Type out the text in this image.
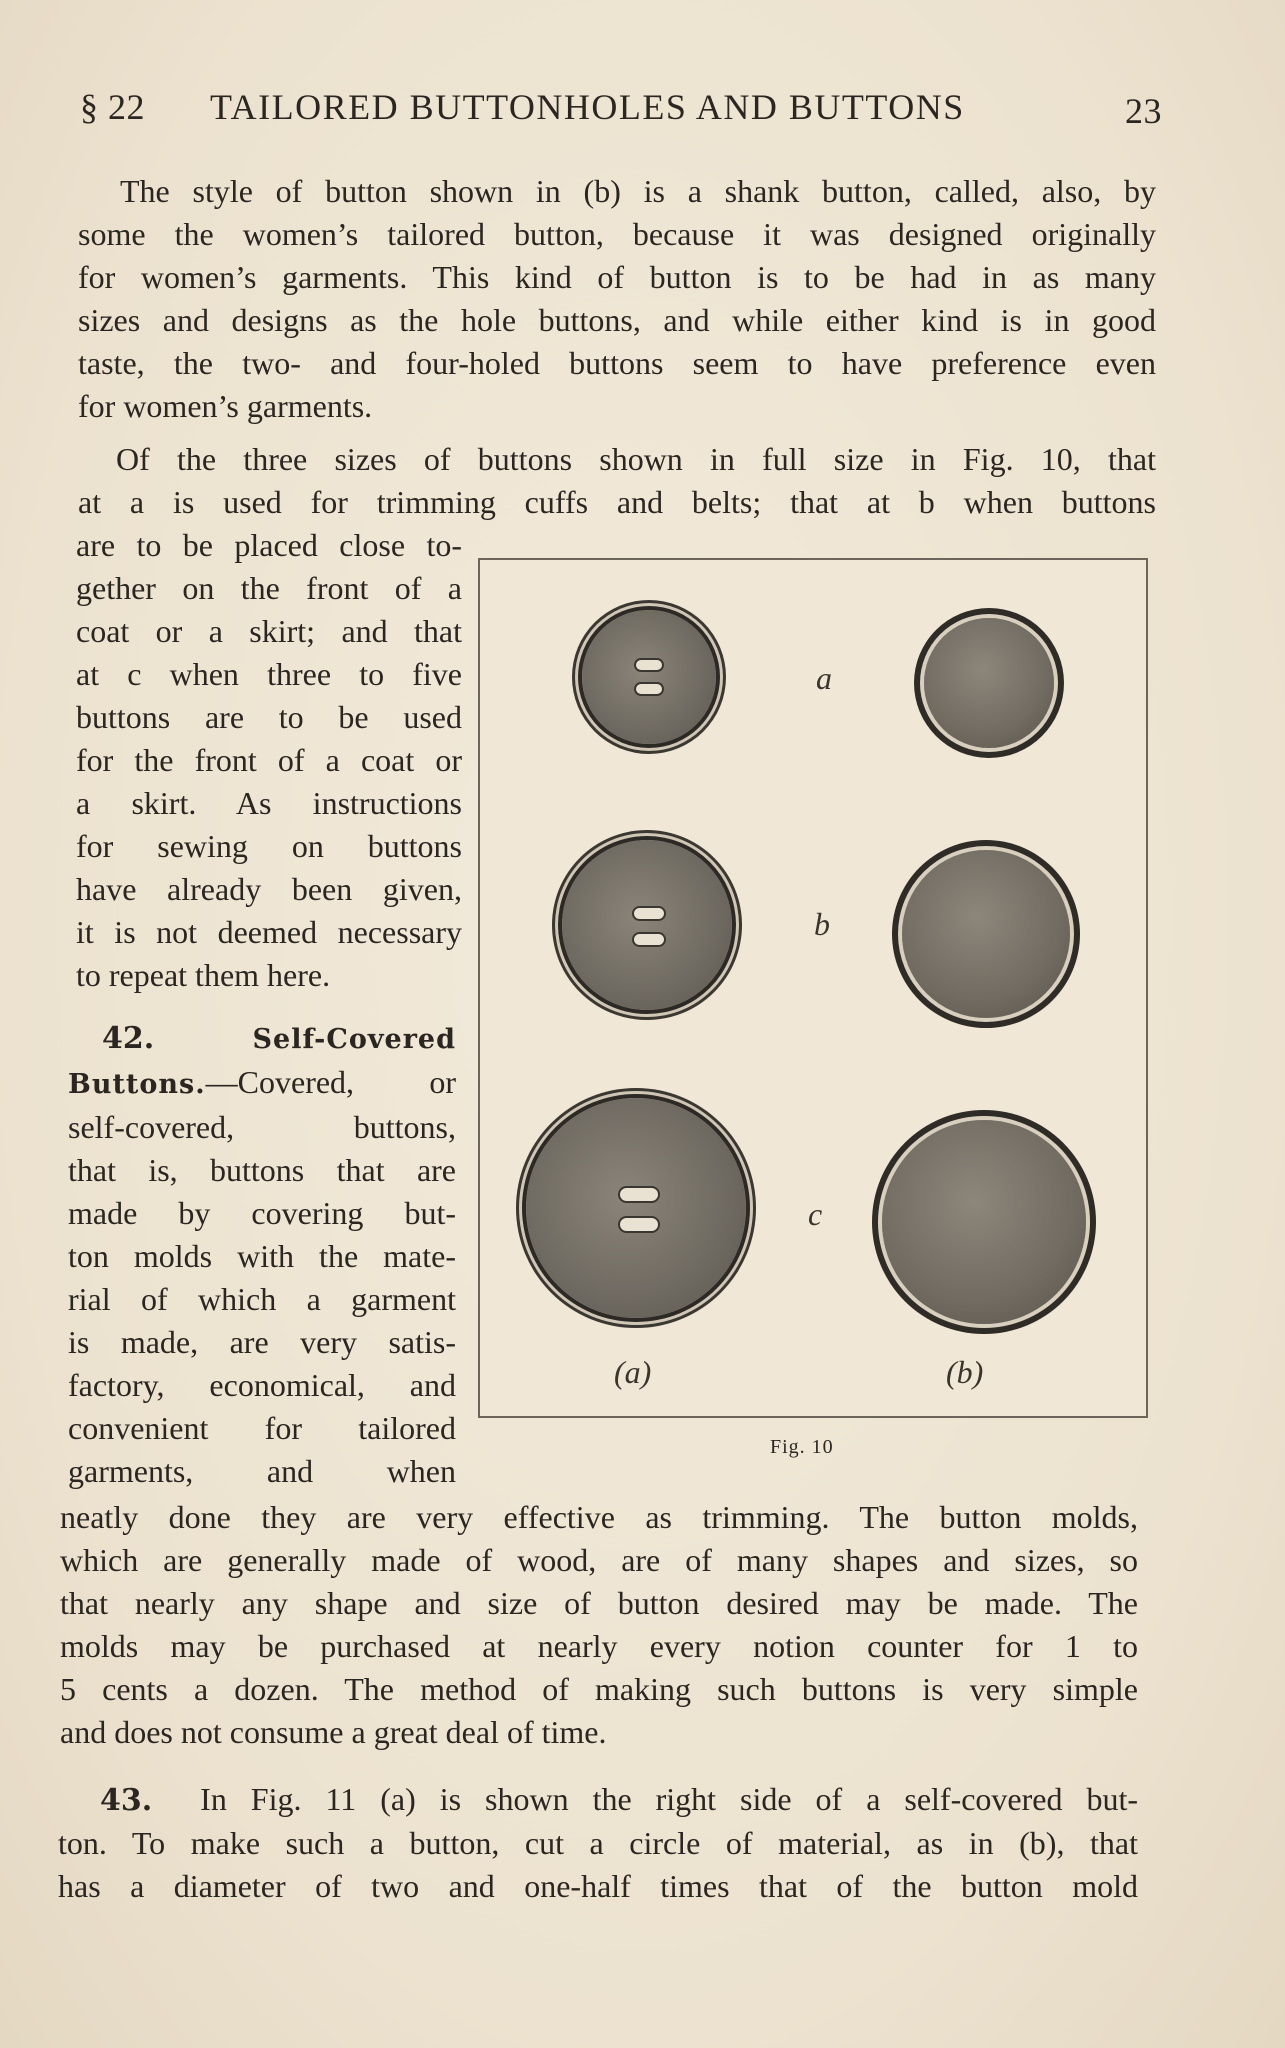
§ 22 TAILORED BUTTONHOLES AND BUTTONS	23
The style of button shown in (b) is a shank button, called, also, by
some the women’s tailored button, because it was designed originally
for women’s garments. This kind of button is to be had in as many
sizes and designs as the hole buttons, and while either kind is in good
taste, the two- and four-holed buttons seem to have preference even
for women’s garments.
Of the three sizes of buttons shown in full size in Fig. 10, that
at a is used for trimming cuffs and belts; that at b when buttons
are to be placed close to-
gether on the front of a
coat or a skirt; and that
at c when three to five
buttons are to be used
for the front of a coat or
a skirt. As instructions
for sewing on buttons
have already been given,
it is not deemed necessary
to repeat them here.
42.	Self-Covered
Buttons.—Covered, or
self-covered, buttons,
that is, buttons that are
made by covering but-
ton molds with the mate-
rial of which a garment
is made, are very satis-
factory, economical, and
convenient for tailored
garments, and when
neatly done they are very effective as trimming. The button molds,
which are generally made of wood, are of many shapes and sizes, so
that nearly any shape and size of button desired may be made. The
molds may be purchased at nearly every notion counter for 1 to
5 cents a dozen. The method of making such buttons is very simple
and does not consume a great deal of time.
43. In Fig. 11 (a) is shown the right side of a self-covered but-
ton. To make such a button, cut a circle of material, as in (b), that
has a diameter of two and one-half times that of the button mold
a
b
c
(a)	(b)
Fig. 10
